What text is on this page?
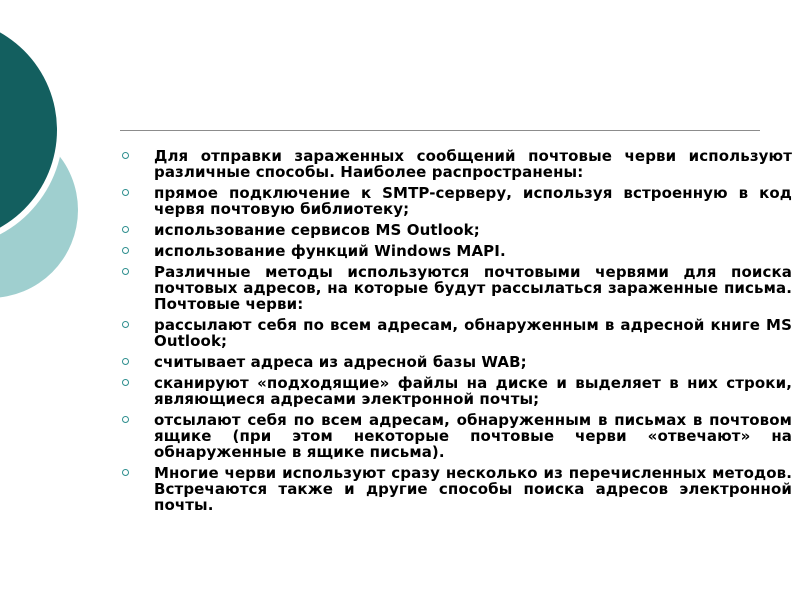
Для отправки зараженных сообщений почтовые черви используют различные способы. Наиболее распространены:
прямое подключение к SMTP-серверу, используя встроенную в код червя почтовую библиотеку;
использование сервисов MS Outlook;
использование функций Windows MAPI.
Различные методы используются почтовыми червями для поиска почтовых адресов, на которые будут рассылаться зараженные письма. Почтовые черви:
рассылают себя по всем адресам, обнаруженным в адресной книге MS Outlook;
считывает адреса из адресной базы WAB;
сканируют «подходящие» файлы на диске и выделяет в них строки, являющиеся адресами электронной почты;
отсылают себя по всем адресам, обнаруженным в письмах в почтовом ящике (при этом некоторые почтовые черви «отвечают» на обнаруженные в ящике письма).
Многие черви используют сразу несколько из перечисленных методов. Встречаются также и другие способы поиска адресов электронной почты.
